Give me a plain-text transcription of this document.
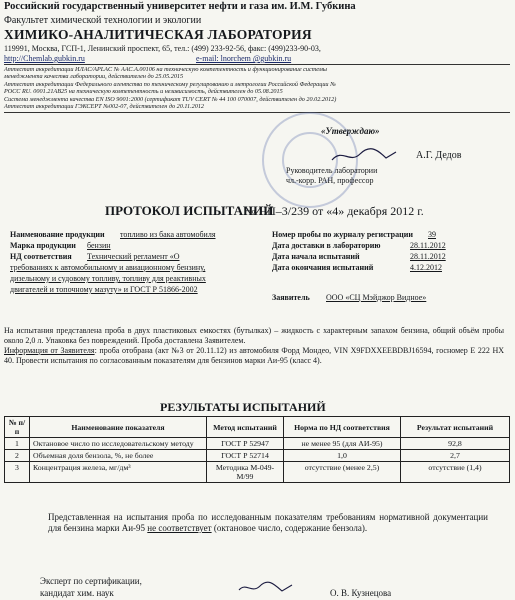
Российский государственный университет нефти и газа им. И.М. Губкина
Факультет химической технологии и экологии
ХИМИКО-АНАЛИТИЧЕСКАЯ ЛАБОРАТОРИЯ
119991, Москва, ГСП-1, Ленинский проспект, 65, тел.: (499) 233-92-56, факс: (499)233-90-03,
http://Chemlab.gubkin.ru	e-mail: lnorchem @gubkin.ru
Аттестат аккредитации ИЛАС/APLAC № ААС.А.00106 на техническую компетентность и функционирование системы
менеджмента качества лаборатории, действителен до 25.05.2015
Аттестат аккредитации Федерального агентства по техническому регулированию и метрологии Российской Федерации №
РОСС RU. 0001.21АВ25 на техническую компетентность и независимость, действителен до 05.08.2015
Система менеджмента качества EN ISO 9001:2000 (сертификат TUV CERT № 44 100 070007, действителен до 20.02.2012)
Аттестат аккредитации ГЭКСЕРТ №002-07, действителен до 20.11.2012
«Утверждаю»
А.Г. Дедов
Руководитель лаборатории
чл.-корр. РАН, профессор
ПРОТОКОЛ ИСПЫТАНИЙ
№ НП–3/239 от «4» декабря 2012 г.
Наименование продукции топливо из бака автомобиля
Марка продукции бензин
НД соответствия Технический регламент «О
требованиях к автомобильному и авиационному бензину,
дизельному и судовому топливу, топливу для реактивных
двигателей и топочному мазуту» и ГОСТ Р 51866-2002
Номер пробы по журналу регистрации 39
Дата доставки в лабораторию	28.11.2012
Дата начала испытаний	28.11.2012
Дата окончания испытаний	4.12.2012
Заявитель ООО «СЦ Мэйджор Видное»
На испытания представлена проба в двух пластиковых емкостях (бутылках) – жидкость с характерным запахом бензина, общий объём пробы около 2,0 л. Упаковка без повреждений. Проба доставлена Заявителем.
Информация от Заявителя: проба отобрана (акт №3 от 20.11.12) из автомобиля Форд Мондео, VIN X9FDXXEEBDBJ16594, госномер Е 222 НХ 40. Провести испытания по согласованным показателям для бензинов марки Аи-95 (класс 4).
РЕЗУЛЬТАТЫ ИСПЫТАНИЙ
№ п/п	Наименование показателя	Метод испытаний	Норма по НД соответствия	Результат испытаний
1	Октановое число по исследовательскому методу	ГОСТ Р 52947	не менее 95 (для АИ-95)	92,8
2	Объемная доля бензола, %, не более	ГОСТ Р 52714	1,0	2,7
3	Концентрация железа, мг/дм³	Методика М-049-М/99	отсутствие (менее 2,5)	отсутствие (1,4)
Представленная на испытания проба по исследованным показателям требованиям нормативной документации для бензина марки Аи-95 не соответствует (октановое число, содержание бензола).
Эксперт по сертификации,
кандидат хим. наук	О. В. Кузнецова
